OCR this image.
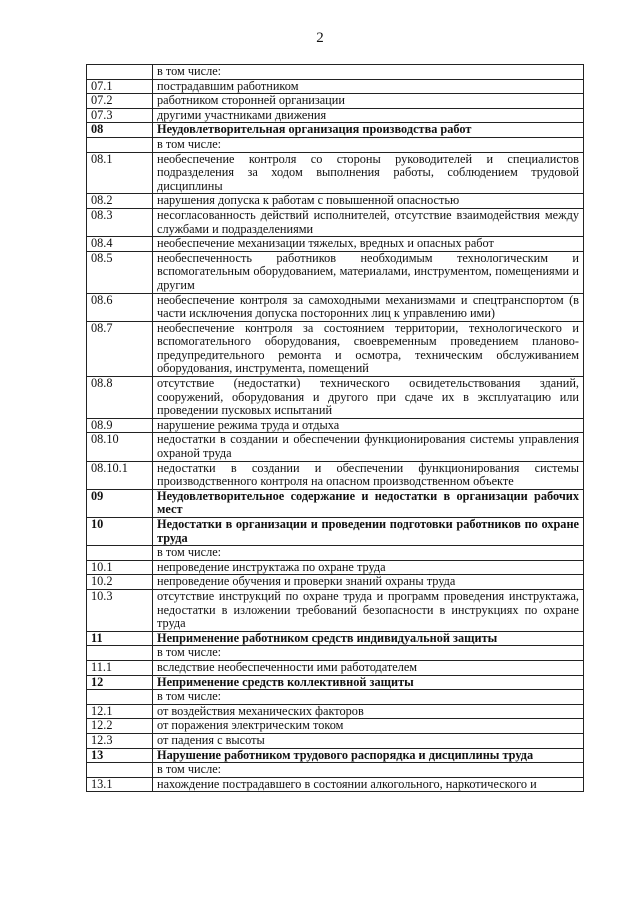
2
	в том числе:
07.1	пострадавшим работником
07.2	работником сторонней организации
07.3	другими участниками движения
08	Неудовлетворительная организация производства работ
	в том числе:
08.1	необеспечение контроля со стороны руководителей и специалистов подразделения за ходом выполнения работы, соблюдением трудовой дисциплины
08.2	нарушения допуска к работам с повышенной опасностью
08.3	несогласованность действий исполнителей, отсутствие взаимодействия между службами и подразделениями
08.4	необеспечение механизации тяжелых, вредных и опасных работ
08.5	необеспеченность работников необходимым технологическим и вспомогательным оборудованием, материалами, инструментом, помещениями и другим
08.6	необеспечение контроля за самоходными механизмами и спецтранспортом (в части исключения допуска посторонних лиц к управлению ими)
08.7	необеспечение контроля за состоянием территории, технологического и вспомогательного оборудования, своевременным проведением планово-предупредительного ремонта и осмотра, техническим обслуживанием оборудования, инструмента, помещений
08.8	отсутствие (недостатки) технического освидетельствования зданий, сооружений, оборудования и другого при сдаче их в эксплуатацию или проведении пусковых испытаний
08.9	нарушение режима труда и отдыха
08.10	недостатки в создании и обеспечении функционирования системы управления охраной труда
08.10.1	недостатки в создании и обеспечении функционирования системы производственного контроля на опасном производственном объекте
09	Неудовлетворительное содержание и недостатки в организации рабочих мест
10	Недостатки в организации и проведении подготовки работников по охране труда
	в том числе:
10.1	непроведение инструктажа по охране труда
10.2	непроведение обучения и проверки знаний охраны труда
10.3	отсутствие инструкций по охране труда и программ проведения инструктажа, недостатки в изложении требований безопасности в инструкциях по охране труда
11	Неприменение работником средств индивидуальной защиты
	в том числе:
11.1	вследствие необеспеченности ими работодателем
12	Неприменение средств коллективной защиты
	в том числе:
12.1	от воздействия механических факторов
12.2	от поражения электрическим током
12.3	от падения с высоты
13	Нарушение работником трудового распорядка и дисциплины труда
	в том числе:
13.1	нахождение пострадавшего в состоянии алкогольного, наркотического и
